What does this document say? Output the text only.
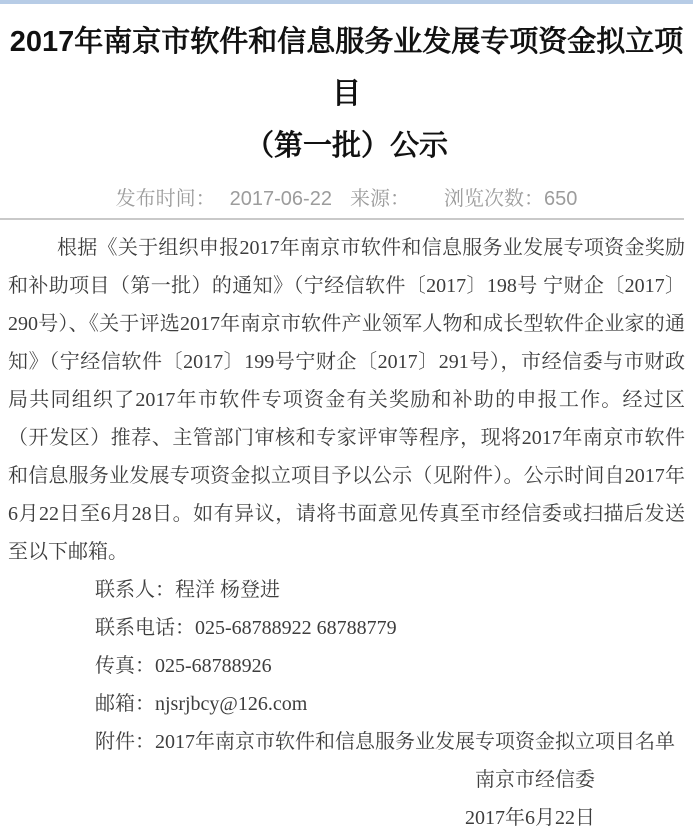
2017年南京市软件和信息服务业发展专项资金拟立项目
（第一批）公示
发布时间： 2017-06-22 来源： 浏览次数： 650

根据《关于组织申报2017年南京市软件和信息服务业发展专项资金奖励和补助项目（第一批）的通知》（宁经信软件〔2017〕198号 宁财企〔2017〕290号）、《关于评选2017年南京市软件产业领军人物和成长型软件企业家的通知》（宁经信软件〔2017〕199号宁财企〔2017〕291号），市经信委与市财政局共同组织了2017年市软件专项资金有关奖励和补助的申报工作。经过区（开发区）推荐、主管部门审核和专家评审等程序，现将2017年南京市软件和信息服务业发展专项资金拟立项目予以公示（见附件）。公示时间自2017年6月22日至6月28日。如有异议，请将书面意见传真至市经信委或扫描后发送至以下邮箱。

联系人：程洋 杨登进

联系电话：025-68788922 68788779

传真：025-68788926

邮箱：njsrjbcy@126.com

附件：2017年南京市软件和信息服务业发展专项资金拟立项目名单

南京市经信委

2017年6月22日
